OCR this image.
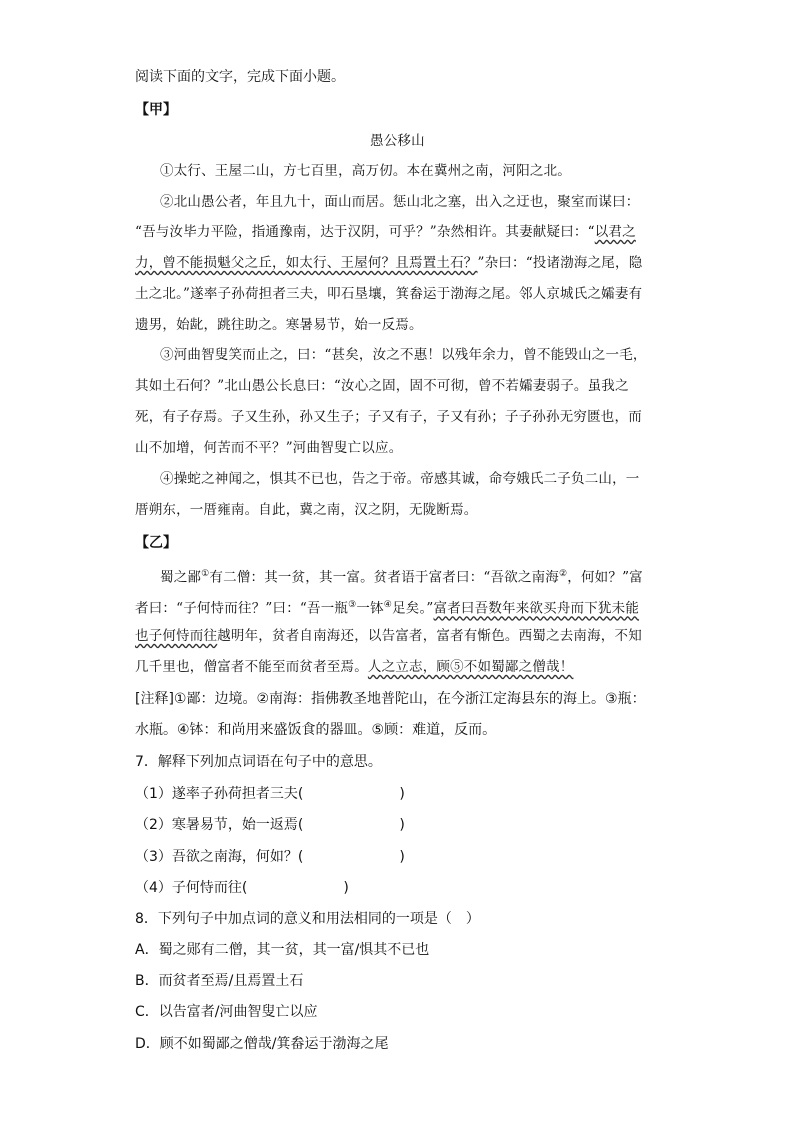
阅读下面的文字，完成下面小题。
【甲】
愚公移山
①太行、王屋二山，方七百里，高万仞。本在冀州之南，河阳之北。
②北山愚公者，年且九十，面山而居。惩山北之塞，出入之迂也，聚室而谋曰：
“吾与汝毕力平险，指通豫南，达于汉阴，可乎？”杂然相许。其妻献疑曰：“以君之
力，曾不能损魁父之丘，如太行、王屋何？且焉置土石？”杂曰：“投诸渤海之尾，隐
土之北。”遂率子孙荷担者三夫，叩石垦壤，箕畚运于渤海之尾。邻人京城氏之孀妻有
遗男，始龀，跳往助之。寒暑易节，始一反焉。
③河曲智叟笑而止之，曰：“甚矣，汝之不惠！以残年余力，曾不能毁山之一毛，
其如土石何？”北山愚公长息曰：“汝心之固，固不可彻，曾不若孀妻弱子。虽我之
死，有子存焉。子又生孙，孙又生子；子又有子，子又有孙；子子孙孙无穷匮也，而
山不加增，何苦而不平？”河曲智叟亡以应。
④操蛇之神闻之，惧其不已也，告之于帝。帝感其诚，命夸娥氏二子负二山，一
厝朔东，一厝雍南。自此，冀之南，汉之阴，无陇断焉。
【乙】
蜀之鄙①有二僧：其一贫，其一富。贫者语于富者曰：“吾欲之南海②，何如？”富
者曰：“子何恃而往？”曰：“吾一瓶③一钵④足矣。”富者曰吾数年来欲买舟而下犹未能
也子何恃而往越明年，贫者自南海还，以告富者，富者有惭色。西蜀之去南海，不知
几千里也，僧富者不能至而贫者至焉。人之立志，顾⑤不如蜀鄙之僧哉！
[注释]①鄙：边境。②南海：指佛教圣地普陀山，在今浙江定海县东的海上。③瓶：
水瓶。④钵：和尚用来盛饭食的器皿。⑤顾：难道，反而。
7．解释下列加点词语在句子中的意思。
（1）遂率子孙荷担者三夫(	)
（2）寒暑易节，始一返焉(	)
（3）吾欲之南海，何如？(	)
（4）子何恃而往(	)
8．下列句子中加点词的意义和用法相同的一项是（　）
A．蜀之郧有二僧，其一贫，其一富/惧其不已也
B．而贫者至焉/且焉置土石
C．以告富者/河曲智叟亡以应
D．顾不如蜀鄙之僧哉/箕畚运于渤海之尾
